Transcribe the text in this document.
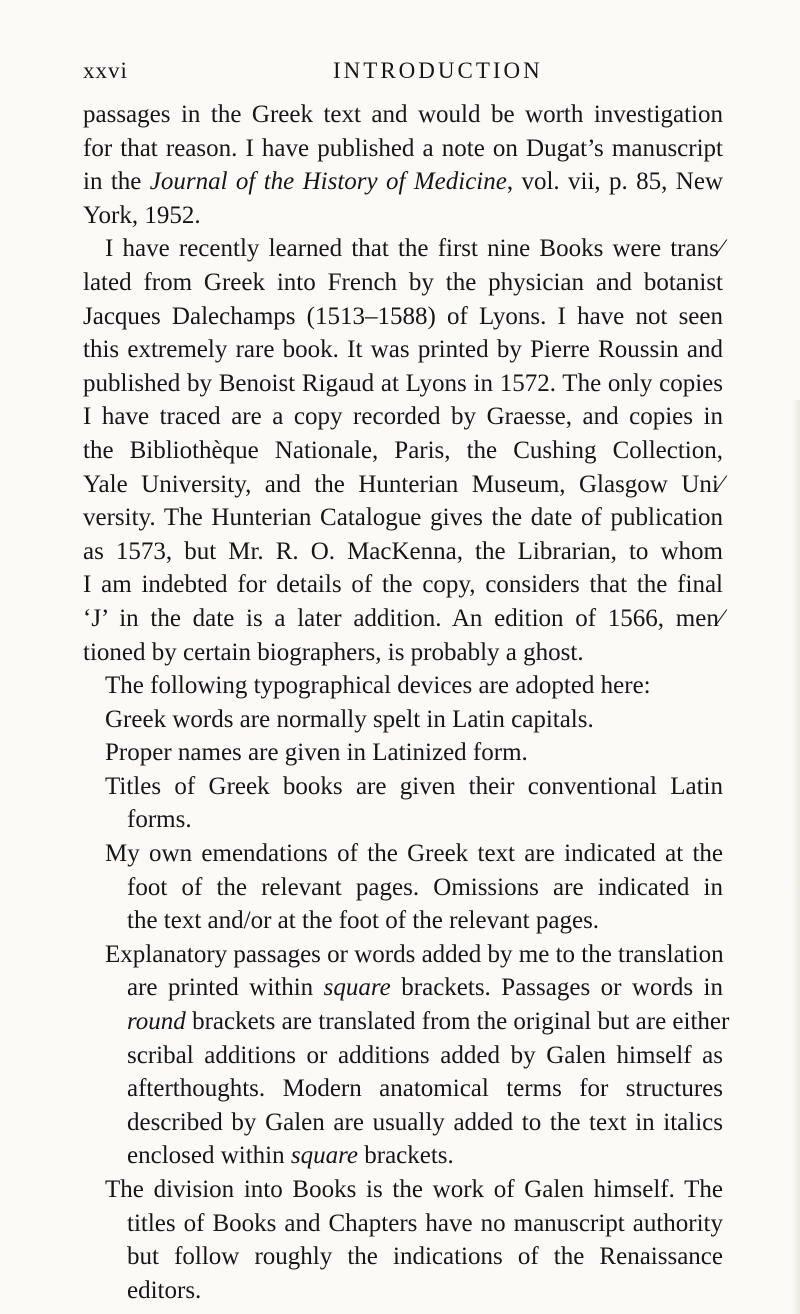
xxvi	INTRODUCTION
passages in the Greek text and would be worth investigation
for that reason. I have published a note on Dugat’s manuscript
in the Journal of the History of Medicine, vol. vii, p. 85, New
York, 1952.
I have recently learned that the first nine Books were trans⁄
lated from Greek into French by the physician and botanist
Jacques Dalechamps (1513–1588) of Lyons. I have not seen
this extremely rare book. It was printed by Pierre Roussin and
published by Benoist Rigaud at Lyons in 1572. The only copies
I have traced are a copy recorded by Graesse, and copies in
the Bibliothèque Nationale, Paris, the Cushing Collection,
Yale University, and the Hunterian Museum, Glasgow Uni⁄
versity. The Hunterian Catalogue gives the date of publication
as 1573, but Mr. R. O. MacKenna, the Librarian, to whom
I am indebted for details of the copy, considers that the final
‘J’ in the date is a later addition. An edition of 1566, men⁄
tioned by certain biographers, is probably a ghost.
The following typographical devices are adopted here:
Greek words are normally spelt in Latin capitals.
Proper names are given in Latinized form.
Titles of Greek books are given their conventional Latin
forms.
My own emendations of the Greek text are indicated at the
foot of the relevant pages. Omissions are indicated in
the text and/or at the foot of the relevant pages.
Explanatory passages or words added by me to the translation
are printed within square brackets. Passages or words in
round brackets are translated from the original but are either
scribal additions or additions added by Galen himself as
afterthoughts. Modern anatomical terms for structures
described by Galen are usually added to the text in italics
enclosed within square brackets.
The division into Books is the work of Galen himself. The
titles of Books and Chapters have no manuscript authority
but follow roughly the indications of the Renaissance
editors.
